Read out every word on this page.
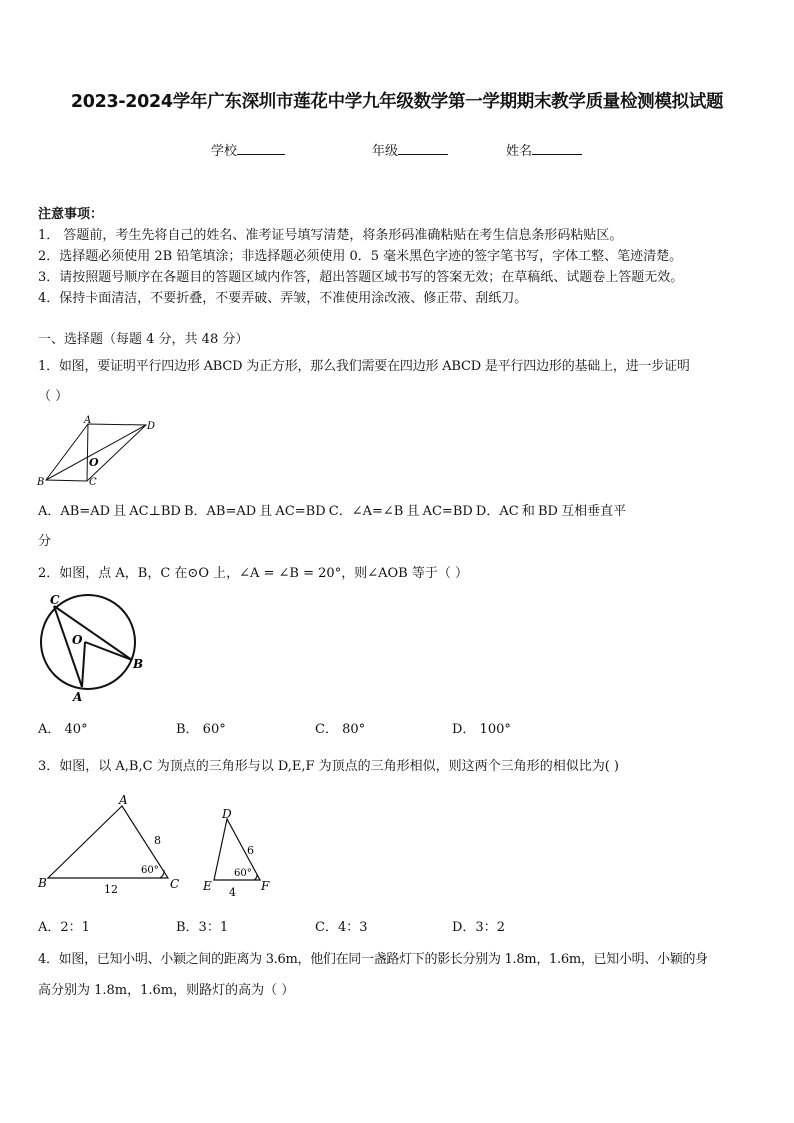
2023-2024学年广东深圳市莲花中学九年级数学第一学期期末教学质量检测模拟试题
学校	年级	姓名
注意事项：
1． 答题前，考生先将自己的姓名、准考证号填写清楚，将条形码准确粘贴在考生信息条形码粘贴区。
2．选择题必须使用 2B 铅笔填涂；非选择题必须使用 0．5 毫米黑色字迹的签字笔书写，字体工整、笔迹清楚。
3．请按照题号顺序在各题目的答题区域内作答，超出答题区域书写的答案无效；在草稿纸、试题卷上答题无效。
4．保持卡面清洁，不要折叠，不要弄破、弄皱，不准使用涂改液、修正带、刮纸刀。
一、选择题（每题 4 分，共 48 分）
1．如图，要证明平行四边形 ABCD 为正方形，那么我们需要在四边形 ABCD 是平行四边形的基础上，进一步证明
（ ）
A
D
B	C
O
A．AB=AD 且 AC⊥BD B．AB=AD 且 AC=BD C．∠A=∠B 且 AC=BD D．AC 和 BD 互相垂直平
分
2．如图，点 A，B，C 在⊙O 上，∠A = ∠B = 20°，则∠AOB 等于（ ）
C
O
B
A
A． 40°	B． 60°	C． 80°	D． 100°
3．如图，以 A,B,C 为顶点的三角形与以 D,E,F 为顶点的三角形相似，则这两个三角形的相似比为( )
A
B	C
8
12
60°
D
E	F
6
4
60°
A．2：1	B．3：1	C．4：3	D．3：2
4．如图，已知小明、小颖之间的距离为 3.6m，他们在同一盏路灯下的影长分别为 1.8m，1.6m，已知小明、小颖的身
高分别为 1.8m，1.6m，则路灯的高为（ ）
